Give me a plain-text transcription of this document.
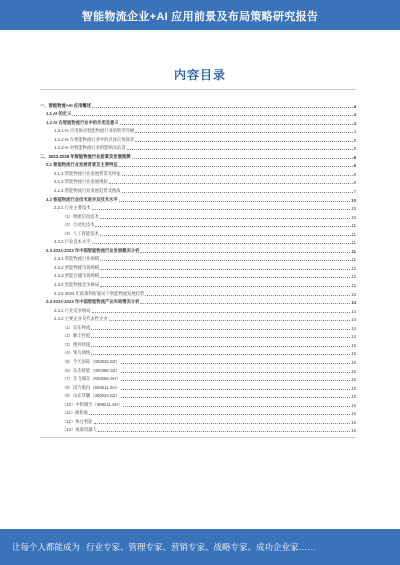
智能物流企业+AI 应用前景及布局策略研究报告
内容目录
一、智能物流+AI 应用概述	4
1.1 AI 的定义	4
1.2 AI 在智能物流行业中的作用及意义	4
1.2.1 AI 应用推动智能物流行业的转型升级	4
1.2.2 AI 在智能物流行业中的具体应用场景	5
1.2.3 AI 对智能物流行业的影响及前景	5
二、2023-2028 年智能物流行业前景及发展预测	6
2.1 智能物流行业发展背景及主要特征	6
2.1.1 智能物流行业发展背景及特征	6
2.1.2 智能物流行业发展现状	6
2.1.3 智能物流行业发展趋势及挑战	7
2.2 智能物流行业技术进步及技术水平	10
2.2.1 行业主要技术	10
（1）物流信息技术	10
（2）自动化技术	11
（3）人工智能技术	11
2.2.2 行业技术水平	11
2.3 2022-2023 年中国智能物流行业发展概况分析	11
2.3.1 智能物流行业规模	11
2.3.2 智能物流市场规模	12
2.3.3 智能仓储市场规模	12
2.3.4 智能物流竞争格局	12
2.3.5 2023 年政策利好驱动下智能物流发展趋势	13
2.4 2022-2023 年中国智能物流产业布局情况分析	14
2.4.1 行业竞争格局	14
2.4.2 主要企业及代表性企业	14
（1）京东物流	14
（2）顺丰控股	14
（3）德邦快递	15
（4）菜鸟网络	15
（5）今天国际（300532.SZ）	15
（6）东杰智能（300486.SZ）	15
（7）音飞储存（603066.SH）	15
（8）诺力股份（603611.SH）	15
（9）山东华鹏（300024.SZ）	15
（10）中科微至（688211.SH）	16
（11）极智嘉	16
（12）快仓智能	16
（13）海康机器人	16
让每个人都能成为 行业专家、管理专家、营销专家、战略专家、成功企业家……
